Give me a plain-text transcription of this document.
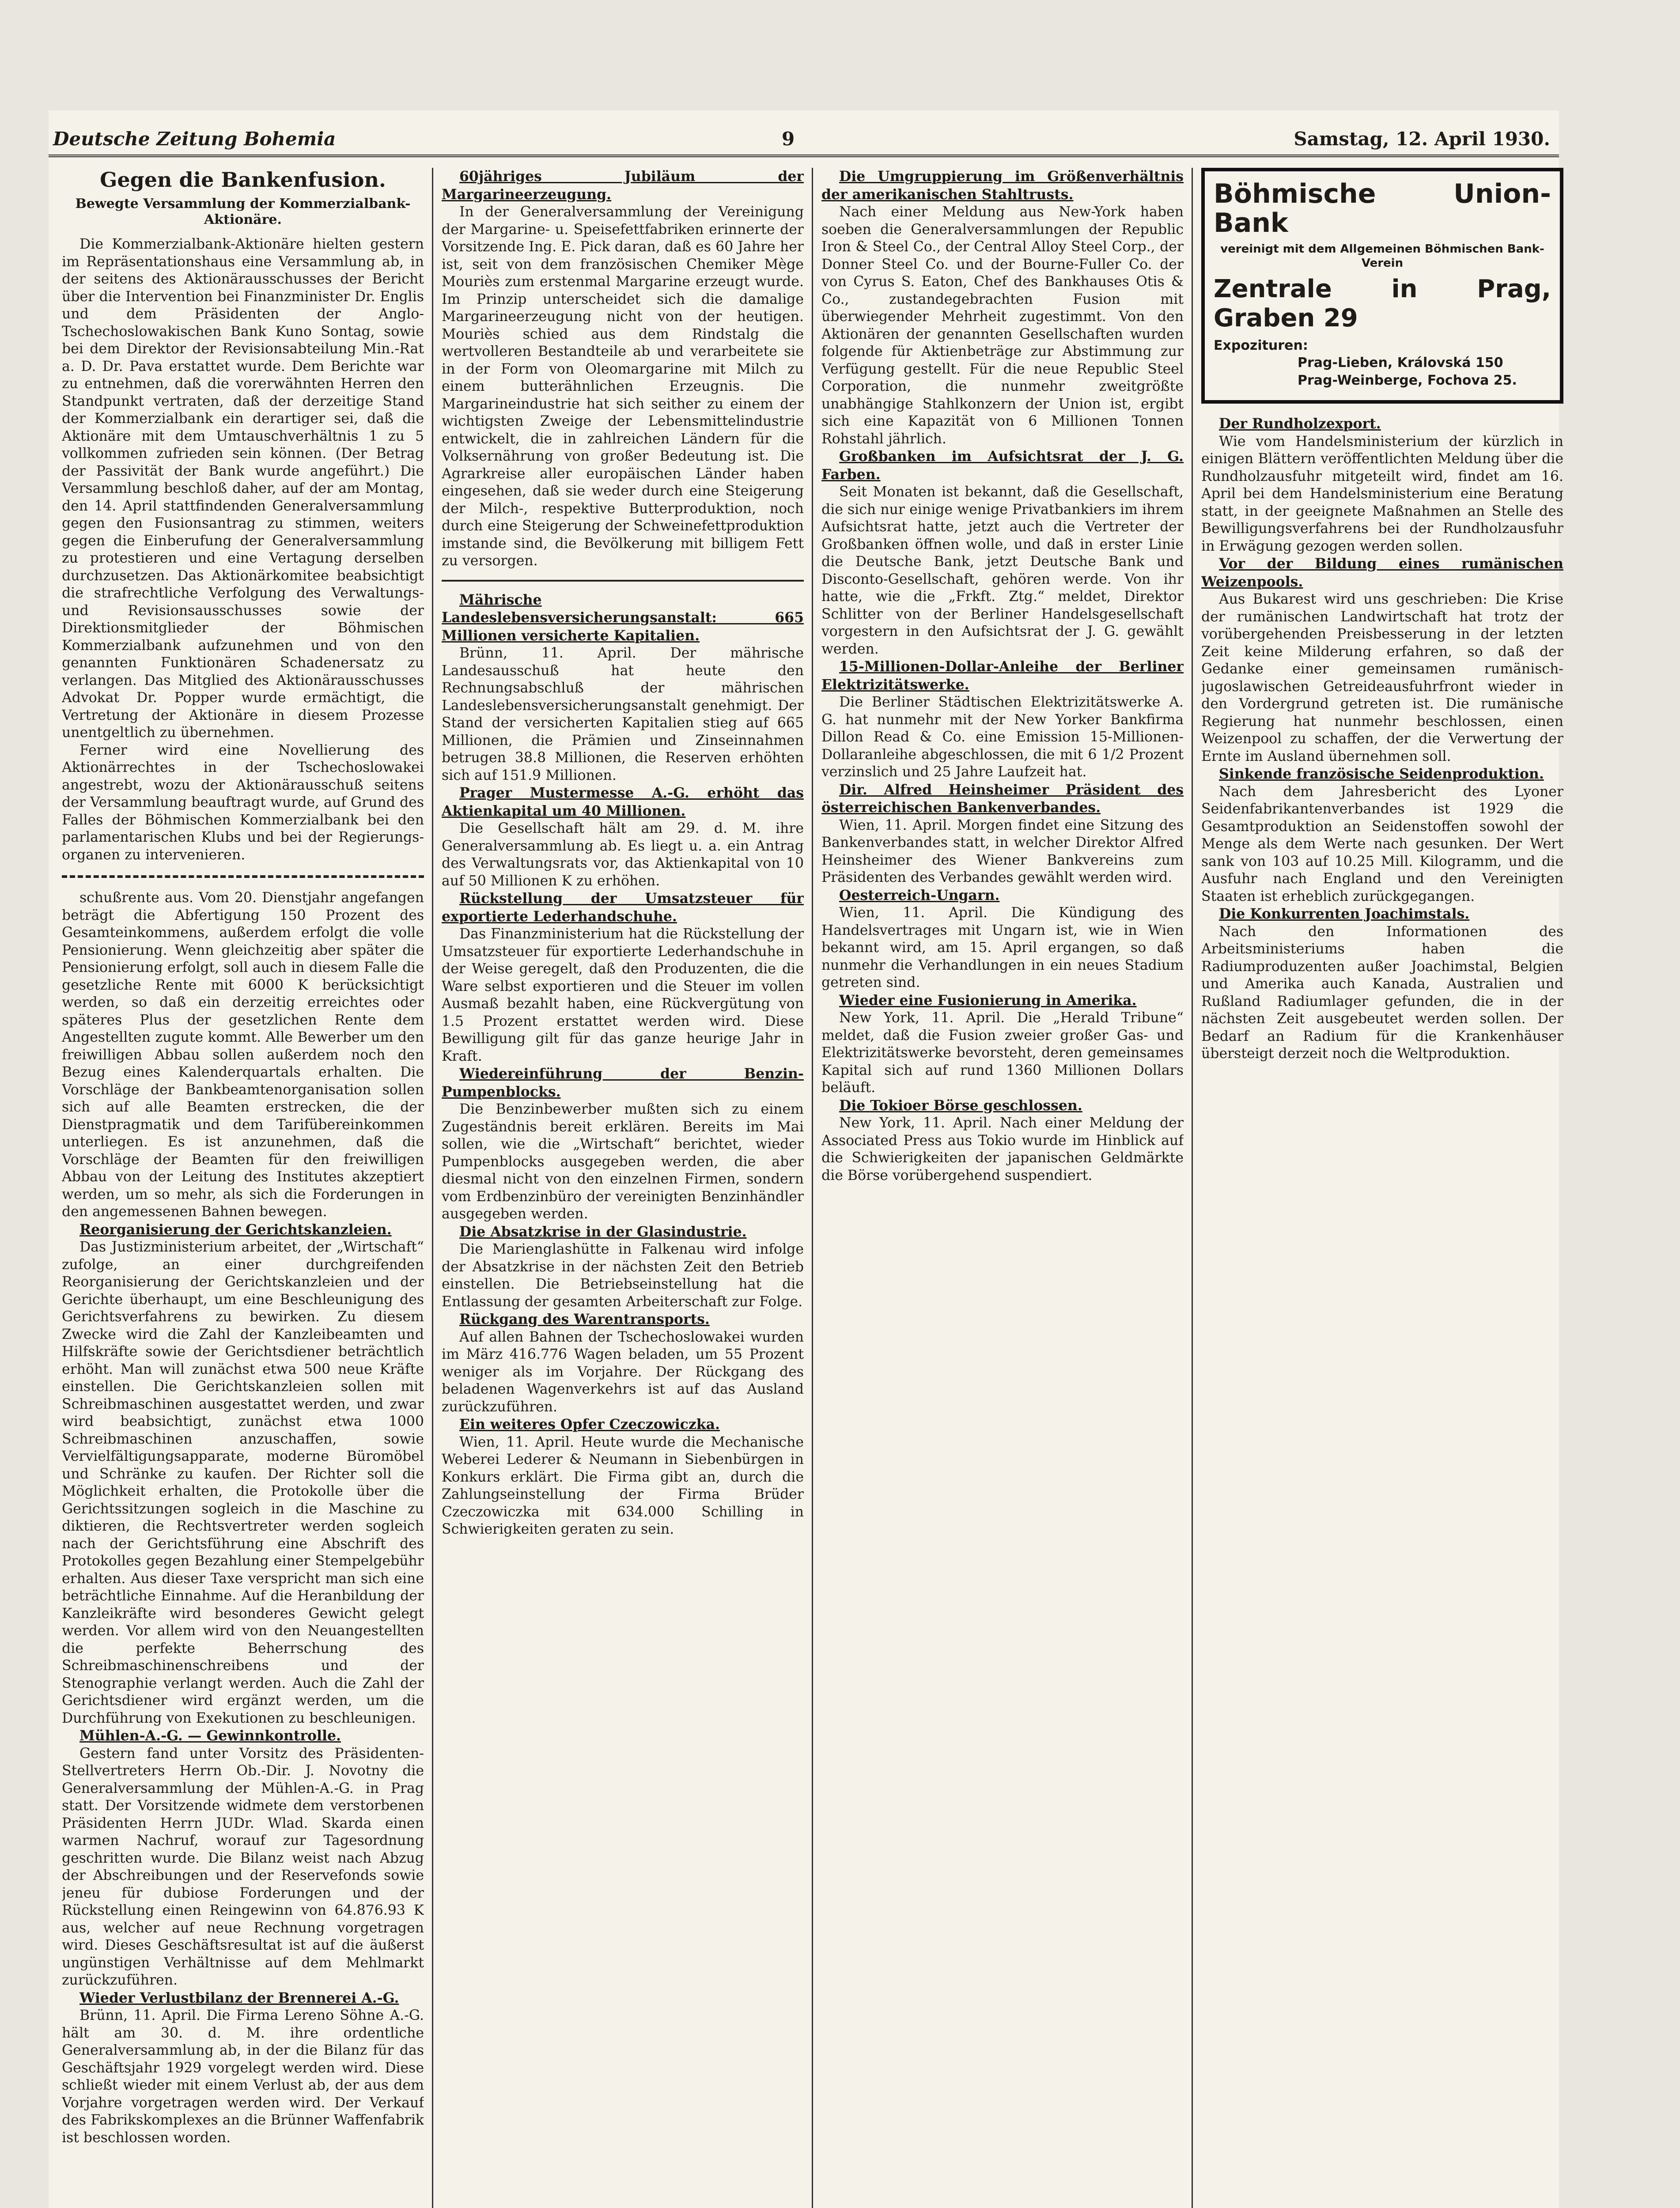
Deutsche Zeitung Bohemia	9	Samstag, 12. April 1930.
Gegen die Bankenfusion.
Bewegte Versammlung der Kommerzialbank-Aktionäre.

Die Kommerzialbank-Aktionäre hielten gestern im Repräsentationshaus eine Versammlung ab, in der seitens des Aktionärausschusses der Bericht über die Intervention bei Finanzminister Dr. Englis und dem Präsidenten der Anglo-Tschechoslowakischen Bank Kuno Sontag, sowie bei dem Direktor der Revisionsabteilung Min.-Rat a. D. Dr. Pava erstattet wurde. Dem Berichte war zu entnehmen, daß die vorerwähnten Herren den Standpunkt vertraten, daß der derzeitige Stand der Kommerzialbank ein derartiger sei, daß die Aktionäre mit dem Umtauschverhältnis 1 zu 5 vollkommen zufrieden sein können. (Der Betrag der Passivität der Bank wurde angeführt.) Die Versammlung beschloß daher, auf der am Montag, den 14. April stattfindenden Generalversammlung gegen den Fusionsantrag zu stimmen, weiters gegen die Einberufung der Generalversammlung zu protestieren und eine Vertagung derselben durchzusetzen. Das Aktionärkomitee beabsichtigt die strafrechtliche Verfolgung des Verwaltungs- und Revisionsausschusses sowie der Direktionsmitglieder der Böhmischen Kommerzialbank aufzunehmen und von den genannten Funktionären Schadenersatz zu verlangen. Das Mitglied des Aktionärausschusses Advokat Dr. Popper wurde ermächtigt, die Vertretung der Aktionäre in diesem Prozesse unentgeltlich zu übernehmen.

Ferner wird eine Novellierung des Aktionärrechtes in der Tschechoslowakei angestrebt, wozu der Aktionärausschuß seitens der Versammlung beauftragt wurde, auf Grund des Falles der Böhmischen Kommerzialbank bei den parlamentarischen Klubs und bei der Regierungs-organen zu intervenieren.

schußrente aus. Vom 20. Dienstjahr angefangen beträgt die Abfertigung 150 Prozent des Gesamteinkommens, außerdem erfolgt die volle Pensionierung. Wenn gleichzeitig aber später die Pensionierung erfolgt, soll auch in diesem Falle die gesetzliche Rente mit 6000 K berücksichtigt werden, so daß ein derzeitig erreichtes oder späteres Plus der gesetzlichen Rente dem Angestellten zugute kommt. Alle Bewerber um den freiwilligen Abbau sollen außerdem noch den Bezug eines Kalenderquartals erhalten. Die Vorschläge der Bankbeamtenorganisation sollen sich auf alle Beamten erstrecken, die der Dienstpragmatik und dem Tarifübereinkommen unterliegen. Es ist anzunehmen, daß die Vorschläge der Beamten für den freiwilligen Abbau von der Leitung des Institutes akzeptiert werden, um so mehr, als sich die Forderungen in den angemessenen Bahnen bewegen.

Reorganisierung der Gerichtskanzleien.

Das Justizministerium arbeitet, der „Wirtschaft“ zufolge, an einer durchgreifenden Reorganisierung der Gerichtskanzleien und der Gerichte überhaupt, um eine Beschleunigung des Gerichtsverfahrens zu bewirken. Zu diesem Zwecke wird die Zahl der Kanzleibeamten und Hilfskräfte sowie der Gerichtsdiener beträchtlich erhöht. Man will zunächst etwa 500 neue Kräfte einstellen. Die Gerichtskanzleien sollen mit Schreibmaschinen ausgestattet werden, und zwar wird beabsichtigt, zunächst etwa 1000 Schreibmaschinen anzuschaffen, sowie Vervielfältigungsapparate, moderne Büromöbel und Schränke zu kaufen. Der Richter soll die Möglichkeit erhalten, die Protokolle über die Gerichtssitzungen sogleich in die Maschine zu diktieren, die Rechtsvertreter werden sogleich nach der Gerichtsführung eine Abschrift des Protokolles gegen Bezahlung einer Stempelgebühr erhalten. Aus dieser Taxe verspricht man sich eine beträchtliche Einnahme. Auf die Heranbildung der Kanzleikräfte wird besonderes Gewicht gelegt werden. Vor allem wird von den Neuangestellten die perfekte Beherrschung des Schreibmaschinenschreibens und der Stenographie verlangt werden. Auch die Zahl der Gerichtsdiener wird ergänzt werden, um die Durchführung von Exekutionen zu beschleunigen.

Mühlen-A.-G. — Gewinnkontrolle.

Gestern fand unter Vorsitz des Präsidenten-Stellvertreters Herrn Ob.-Dir. J. Novotny die Generalversammlung der Mühlen-A.-G. in Prag statt. Der Vorsitzende widmete dem verstorbenen Präsidenten Herrn JUDr. Wlad. Skarda einen warmen Nachruf, worauf zur Tagesordnung geschritten wurde. Die Bilanz weist nach Abzug der Abschreibungen und der Reservefonds sowie jeneu für dubiose Forderungen und der Rückstellung einen Reingewinn von 64.876.93 K aus, welcher auf neue Rechnung vorgetragen wird. Dieses Geschäftsresultat ist auf die äußerst ungünstigen Verhältnisse auf dem Mehlmarkt zurückzuführen.

Wieder Verlustbilanz der Brennerei A.-G.

Brünn, 11. April. Die Firma Lereno Söhne A.-G. hält am 30. d. M. ihre ordentliche Generalversammlung ab, in der die Bilanz für das Geschäftsjahr 1929 vorgelegt werden wird. Diese schließt wieder mit einem Verlust ab, der aus dem Vorjahre vorgetragen werden wird. Der Verkauf des Fabrikskomplexes an die Brünner Waffenfabrik ist beschlossen worden.

60jähriges Jubiläum der Margarineerzeugung.

In der Generalversammlung der Vereinigung der Margarine- u. Speisefettfabriken erinnerte der Vorsitzende Ing. E. Pick daran, daß es 60 Jahre her ist, seit von dem französischen Chemiker Mège Mouriès zum erstenmal Margarine erzeugt wurde. Im Prinzip unterscheidet sich die damalige Margarineerzeugung nicht von der heutigen. Mouriès schied aus dem Rindstalg die wertvolleren Bestandteile ab und verarbeitete sie in der Form von Oleomargarine mit Milch zu einem butterähnlichen Erzeugnis. Die Margarineindustrie hat sich seither zu einem der wichtigsten Zweige der Lebensmittelindustrie entwickelt, die in zahlreichen Ländern für die Volksernährung von großer Bedeutung ist. Die Agrarkreise aller europäischen Länder haben eingesehen, daß sie weder durch eine Steigerung der Milch-, respektive Butterproduktion, noch durch eine Steigerung der Schweinefettproduktion imstande sind, die Bevölkerung mit billigem Fett zu versorgen.

Mährische Landeslebensversicherungsanstalt: 665 Millionen versicherte Kapitalien.

Brünn, 11. April. Der mährische Landesausschuß hat heute den Rechnungsabschluß der mährischen Landeslebensversicherungsanstalt genehmigt. Der Stand der versicherten Kapitalien stieg auf 665 Millionen, die Prämien und Zinseinnahmen betrugen 38.8 Millionen, die Reserven erhöhten sich auf 151.9 Millionen.

Prager Mustermesse A.-G. erhöht das Aktienkapital um 40 Millionen.

Die Gesellschaft hält am 29. d. M. ihre Generalversammlung ab. Es liegt u. a. ein Antrag des Verwaltungsrats vor, das Aktienkapital von 10 auf 50 Millionen K zu erhöhen.

Rückstellung der Umsatzsteuer für exportierte Lederhandschuhe.

Das Finanzministerium hat die Rückstellung der Umsatzsteuer für exportierte Lederhandschuhe in der Weise geregelt, daß den Produzenten, die die Ware selbst exportieren und die Steuer im vollen Ausmaß bezahlt haben, eine Rückvergütung von 1.5 Prozent erstattet werden wird. Diese Bewilligung gilt für das ganze heurige Jahr in Kraft.

Wiedereinführung der Benzin-Pumpenblocks.

Die Benzinbewerber mußten sich zu einem Zugeständnis bereit erklären. Bereits im Mai sollen, wie die „Wirtschaft“ berichtet, wieder Pumpenblocks ausgegeben werden, die aber diesmal nicht von den einzelnen Firmen, sondern vom Erdbenzinbüro der vereinigten Benzinhändler ausgegeben werden.

Die Absatzkrise in der Glasindustrie.

Die Marienglashütte in Falkenau wird infolge der Absatzkrise in der nächsten Zeit den Betrieb einstellen. Die Betriebseinstellung hat die Entlassung der gesamten Arbeiterschaft zur Folge.

Rückgang des Warentransports.

Auf allen Bahnen der Tschechoslowakei wurden im März 416.776 Wagen beladen, um 55 Prozent weniger als im Vorjahre. Der Rückgang des beladenen Wagenverkehrs ist auf das Ausland zurückzuführen.

Ein weiteres Opfer Czeczowiczka.

Wien, 11. April. Heute wurde die Mechanische Weberei Lederer & Neumann in Siebenbürgen in Konkurs erklärt. Die Firma gibt an, durch die Zahlungseinstellung der Firma Brüder Czeczowiczka mit 634.000 Schilling in Schwierigkeiten geraten zu sein.

Die Umgruppierung im Größenverhältnis der amerikanischen Stahltrusts.

Nach einer Meldung aus New-York haben soeben die Generalversammlungen der Republic Iron & Steel Co., der Central Alloy Steel Corp., der Donner Steel Co. und der Bourne-Fuller Co. der von Cyrus S. Eaton, Chef des Bankhauses Otis & Co., zustandegebrachten Fusion mit überwiegender Mehrheit zugestimmt. Von den Aktionären der genannten Gesellschaften wurden folgende für Aktienbeträge zur Abstimmung zur Verfügung gestellt. Für die neue Republic Steel Corporation, die nunmehr zweitgrößte unabhängige Stahlkonzern der Union ist, ergibt sich eine Kapazität von 6 Millionen Tonnen Rohstahl jährlich.

Großbanken im Aufsichtsrat der J. G. Farben.

Seit Monaten ist bekannt, daß die Gesellschaft, die sich nur einige wenige Privatbankiers im ihrem Aufsichtsrat hatte, jetzt auch die Vertreter der Großbanken öffnen wolle, und daß in erster Linie die Deutsche Bank, jetzt Deutsche Bank und Disconto-Gesellschaft, gehören werde. Von ihr hatte, wie die „Frkft. Ztg.“ meldet, Direktor Schlitter von der Berliner Handelsgesellschaft vorgestern in den Aufsichtsrat der J. G. gewählt werden.

15-Millionen-Dollar-Anleihe der Berliner Elektrizitätswerke.

Die Berliner Städtischen Elektrizitätswerke A. G. hat nunmehr mit der New Yorker Bankfirma Dillon Read & Co. eine Emission 15-Millionen-Dollaranleihe abgeschlossen, die mit 6 1/2 Prozent verzinslich und 25 Jahre Laufzeit hat.

Dir. Alfred Heinsheimer Präsident des österreichischen Bankenverbandes.

Wien, 11. April. Morgen findet eine Sitzung des Bankenverbandes statt, in welcher Direktor Alfred Heinsheimer des Wiener Bankvereins zum Präsidenten des Verbandes gewählt werden wird.

Oesterreich-Ungarn.

Wien, 11. April. Die Kündigung des Handelsvertrages mit Ungarn ist, wie in Wien bekannt wird, am 15. April ergangen, so daß nunmehr die Verhandlungen in ein neues Stadium getreten sind.

Wieder eine Fusionierung in Amerika.

New York, 11. April. Die „Herald Tribune“ meldet, daß die Fusion zweier großer Gas- und Elektrizitätswerke bevorsteht, deren gemeinsames Kapital sich auf rund 1360 Millionen Dollars beläuft.

Die Tokioer Börse geschlossen.

New York, 11. April. Nach einer Meldung der Associated Press aus Tokio wurde im Hinblick auf die Schwierigkeiten der japanischen Geldmärkte die Börse vorübergehend suspendiert.

Böhmische Union-Bank
vereinigt mit dem Allgemeinen Böhmischen Bank-Verein
Zentrale in Prag, Graben 29
Expozituren:
Prag-Lieben, Královská 150
Prag-Weinberge, Fochova 25.

Der Rundholzexport.

Wie vom Handelsministerium der kürzlich in einigen Blättern veröffentlichten Meldung über die Rundholzausfuhr mitgeteilt wird, findet am 16. April bei dem Handelsministerium eine Beratung statt, in der geeignete Maßnahmen an Stelle des Bewilligungsverfahrens bei der Rundholzausfuhr in Erwägung gezogen werden sollen.

Vor der Bildung eines rumänischen Weizenpools.

Aus Bukarest wird uns geschrieben: Die Krise der rumänischen Landwirtschaft hat trotz der vorübergehenden Preisbesserung in der letzten Zeit keine Milderung erfahren, so daß der Gedanke einer gemeinsamen rumänisch-jugoslawischen Getreideausfuhrfront wieder in den Vordergrund getreten ist. Die rumänische Regierung hat nunmehr beschlossen, einen Weizenpool zu schaffen, der die Verwertung der Ernte im Ausland übernehmen soll.

Sinkende französische Seidenproduktion.

Nach dem Jahresbericht des Lyoner Seidenfabrikantenverbandes ist 1929 die Gesamtproduktion an Seidenstoffen sowohl der Menge als dem Werte nach gesunken. Der Wert sank von 103 auf 10.25 Mill. Kilogramm, und die Ausfuhr nach England und den Vereinigten Staaten ist erheblich zurückgegangen.

Die Konkurrenten Joachimstals.

Nach den Informationen des Arbeitsministeriums haben die Radiumproduzenten außer Joachimstal, Belgien und Amerika auch Kanada, Australien und Rußland Radiumlager gefunden, die in der nächsten Zeit ausgebeutet werden sollen. Der Bedarf an Radium für die Krankenhäuser übersteigt derzeit noch die Weltproduktion.
